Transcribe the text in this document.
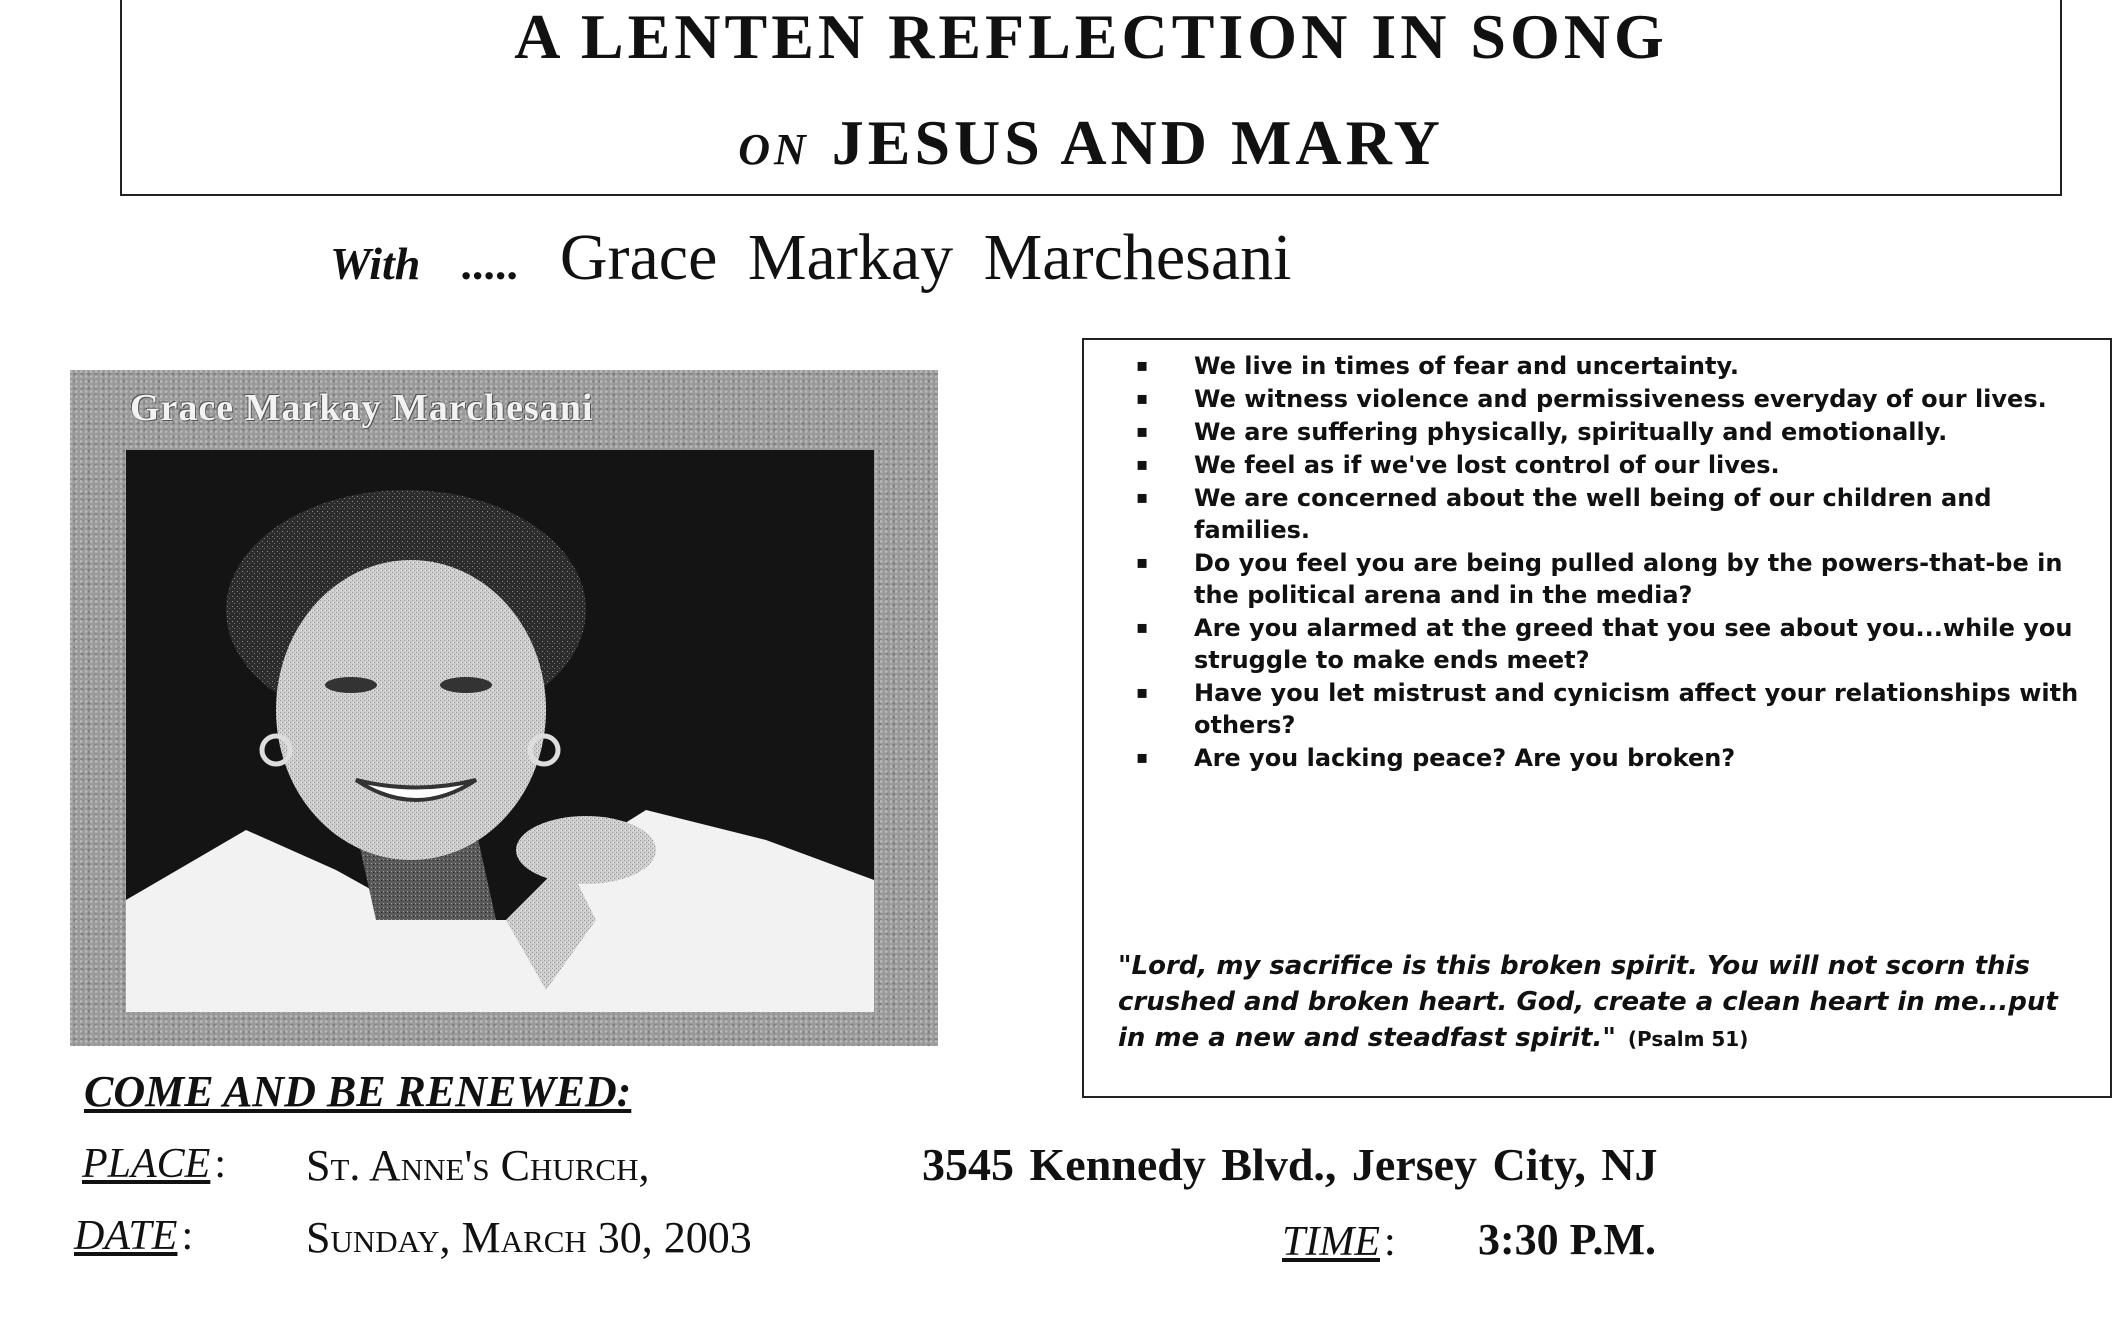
A LENTEN REFLECTION IN SONG
ON JESUS AND MARY
With ..... Grace Markay Marchesani
Grace Markay Marchesani
▪ We live in times of fear and uncertainty.
▪ We witness violence and permissiveness everyday of our lives.
▪ We are suffering physically, spiritually and emotionally.
▪ We feel as if we've lost control of our lives.
▪ We are concerned about the well being of our children and families.
▪ Do you feel you are being pulled along by the powers-that-be in the political arena and in the media?
▪ Are you alarmed at the greed that you see about you...while you struggle to make ends meet?
▪ Have you let mistrust and cynicism affect your relationships with others?
▪ Are you lacking peace? Are you broken?
"Lord, my sacrifice is this broken spirit. You will not scorn this crushed and broken heart. God, create a clean heart in me...put in me a new and steadfast spirit." (Psalm 51)
COME AND BE RENEWED:
PLACE: St. Anne's Church,	3545 Kennedy Blvd., Jersey City, NJ
DATE:	Sunday, March 30, 2003	TIME: 3:30 P.M.
